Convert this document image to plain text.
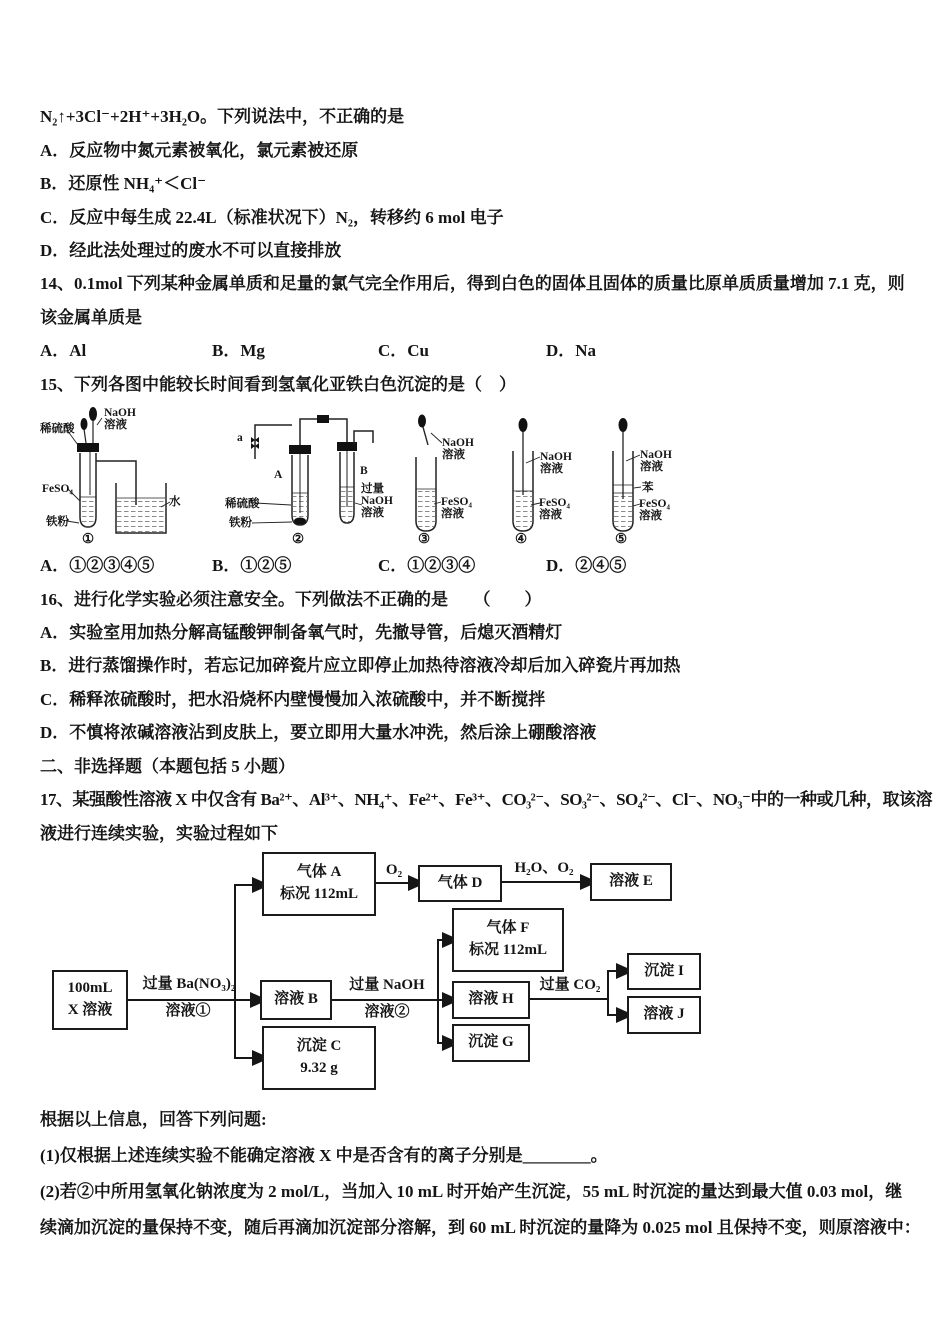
N₂↑+3Cl⁻+2H⁺+3H₂O。下列说法中，不正确的是
A．反应物中氮元素被氧化，氯元素被还原
B．还原性 NH₄⁺＜Cl⁻
C．反应中每生成 22.4L（标准状况下）N₂，转移约 6 mol 电子
D．经此法处理过的废水不可以直接排放
14、0.1mol 下列某种金属单质和足量的氯气完全作用后，得到白色的固体且固体的质量比原单质质量增加 7.1 克，则
该金属单质是
A．Al	B．Mg	C．Cu	D．Na
15、下列各图中能较长时间看到氢氧化亚铁白色沉淀的是（　）
稀硫酸
NaOH
溶液
FeSO₄
铁粉
水
①
a
A	B
稀硫酸
铁粉
过量
NaOH
溶液
②
NaOH
溶液
FeSO₄
溶液
③
NaOH
溶液
FeSO₄
溶液
④
NaOH
溶液
苯
FeSO₄
溶液
⑤
A．①②③④⑤	B．①②⑤	C．①②③④	D．②④⑤
16、进行化学实验必须注意安全。下列做法不正确的是　　（　　）
A．实验室用加热分解高锰酸钾制备氧气时，先撤导管，后熄灭酒精灯
B．进行蒸馏操作时，若忘记加碎瓷片应立即停止加热待溶液冷却后加入碎瓷片再加热
C．稀释浓硫酸时，把水沿烧杯内壁慢慢加入浓硫酸中，并不断搅拌
D．不慎将浓碱溶液沾到皮肤上，要立即用大量水冲洗，然后涂上硼酸溶液
二、非选择题（本题包括 5 小题）
17、某强酸性溶液 X 中仅含有 Ba²⁺、Al³⁺、NH₄⁺、Fe²⁺、Fe³⁺、CO₃²⁻、SO₃²⁻、SO₄²⁻、Cl⁻、NO₃⁻中的一种或几种，取该溶
液进行连续实验，实验过程如下
100mL
X 溶液
气体 A
标况 112mL
气体 D	溶液 E
气体 F
标况 112mL
溶液 B	溶液 H
沉淀 G
沉淀 I
溶液 J
沉淀 C
9.32 g
过量 Ba(NO₃)₂
溶液①
O₂	H₂O、O₂
过量 NaOH
溶液②
过量 CO₂
根据以上信息，回答下列问题:
(1)仅根据上述连续实验不能确定溶液 X 中是否含有的离子分别是________。
(2)若②中所用氢氧化钠浓度为 2 mol/L，当加入 10 mL 时开始产生沉淀，55 mL 时沉淀的量达到最大值 0.03 mol，继
续滴加沉淀的量保持不变，随后再滴加沉淀部分溶解，到 60 mL 时沉淀的量降为 0.025 mol 且保持不变，则原溶液中：
